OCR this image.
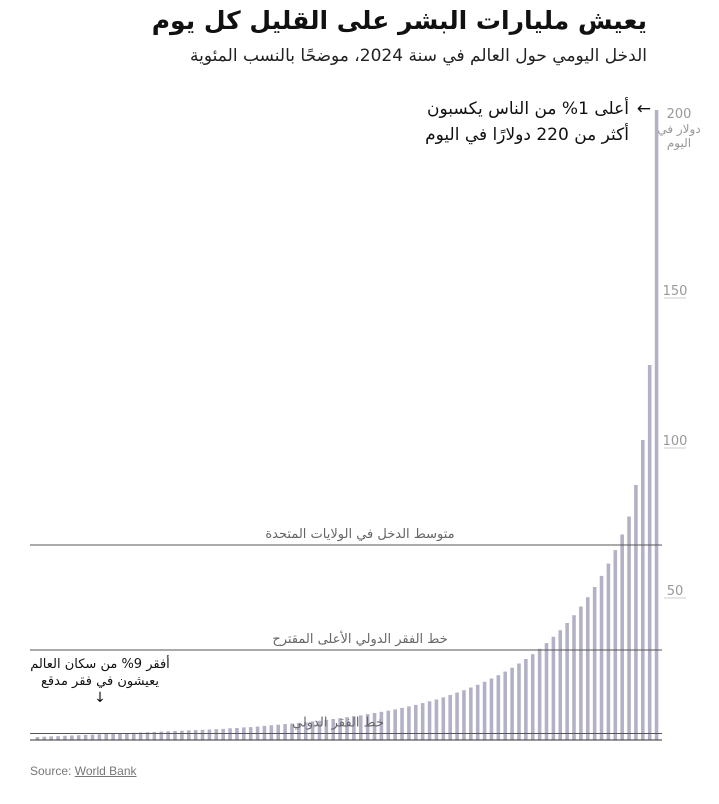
يعيش مليارات البشر على القليل كل يوم
الدخل اليومي حول العالم في سنة 2024، موضحًا بالنسب المئوية
متوسط الدخل في الولايات المتحدة
خط الفقر الدولي الأعلى المقترح
خط الفقر الدولي
50
100
150
←
أعلى 1% من الناس يكسبون
أكثر من 220 دولارًا في اليوم
200
دولار في اليوم
أفقر 9% من سكان العالم يعيشون في فقر مدقع
↓
Source: World Bank
